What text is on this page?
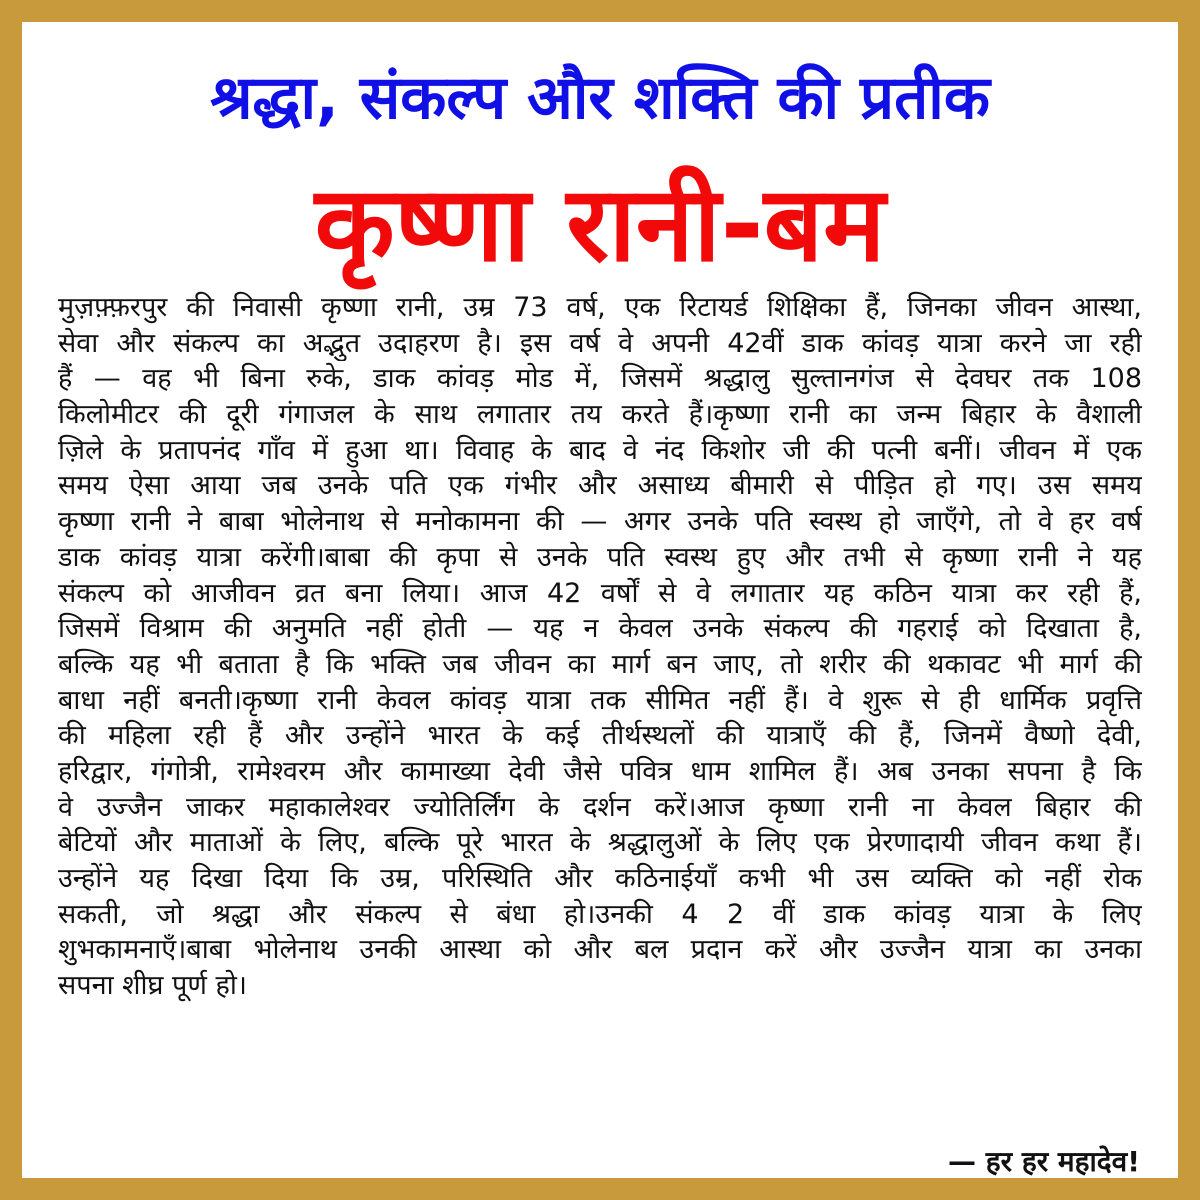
श्रद्धा, संकल्प और शक्ति की प्रतीक
कृष्णा रानी-बम
मुज़फ़्फ़रपुर की निवासी कृष्णा रानी, उम्र 73 वर्ष, एक रिटायर्ड शिक्षिका हैं, जिनका जीवन आस्था,
सेवा और संकल्प का अद्भुत उदाहरण है। इस वर्ष वे अपनी 42वीं डाक कांवड़ यात्रा करने जा रही
हैं — वह भी बिना रुके, डाक कांवड़ मोड में, जिसमें श्रद्धालु सुल्तानगंज से देवघर तक 108
किलोमीटर की दूरी गंगाजल के साथ लगातार तय करते हैं।कृष्णा रानी का जन्म बिहार के वैशाली
ज़िले के प्रतापनंद गाँव में हुआ था। विवाह के बाद वे नंद किशोर जी की पत्नी बनीं। जीवन में एक
समय ऐसा आया जब उनके पति एक गंभीर और असाध्य बीमारी से पीड़ित हो गए। उस समय
कृष्णा रानी ने बाबा भोलेनाथ से मनोकामना की — अगर उनके पति स्वस्थ हो जाएँगे, तो वे हर वर्ष
डाक कांवड़ यात्रा करेंगी।बाबा की कृपा से उनके पति स्वस्थ हुए और तभी से कृष्णा रानी ने यह
संकल्प को आजीवन व्रत बना लिया। आज 42 वर्षों से वे लगातार यह कठिन यात्रा कर रही हैं,
जिसमें विश्राम की अनुमति नहीं होती — यह न केवल उनके संकल्प की गहराई को दिखाता है,
बल्कि यह भी बताता है कि भक्ति जब जीवन का मार्ग बन जाए, तो शरीर की थकावट भी मार्ग की
बाधा नहीं बनती।कृष्णा रानी केवल कांवड़ यात्रा तक सीमित नहीं हैं। वे शुरू से ही धार्मिक प्रवृत्ति
की महिला रही हैं और उन्होंने भारत के कई तीर्थस्थलों की यात्राएँ की हैं, जिनमें वैष्णो देवी,
हरिद्वार, गंगोत्री, रामेश्वरम और कामाख्या देवी जैसे पवित्र धाम शामिल हैं। अब उनका सपना है कि
वे उज्जैन जाकर महाकालेश्वर ज्योतिर्लिंग के दर्शन करें।आज कृष्णा रानी ना केवल बिहार की
बेटियों और माताओं के लिए, बल्कि पूरे भारत के श्रद्धालुओं के लिए एक प्रेरणादायी जीवन कथा हैं।
उन्होंने यह दिखा दिया कि उम्र, परिस्थिति और कठिनाईयाँ कभी भी उस व्यक्ति को नहीं रोक
सकती, जो श्रद्धा और संकल्प से बंधा हो।उनकी 4 2 वीं डाक कांवड़ यात्रा के लिए
शुभकामनाएँ।बाबा भोलेनाथ उनकी आस्था को और बल प्रदान करें और उज्जैन यात्रा का उनका
सपना शीघ्र पूर्ण हो।
— हर हर महादेव!
